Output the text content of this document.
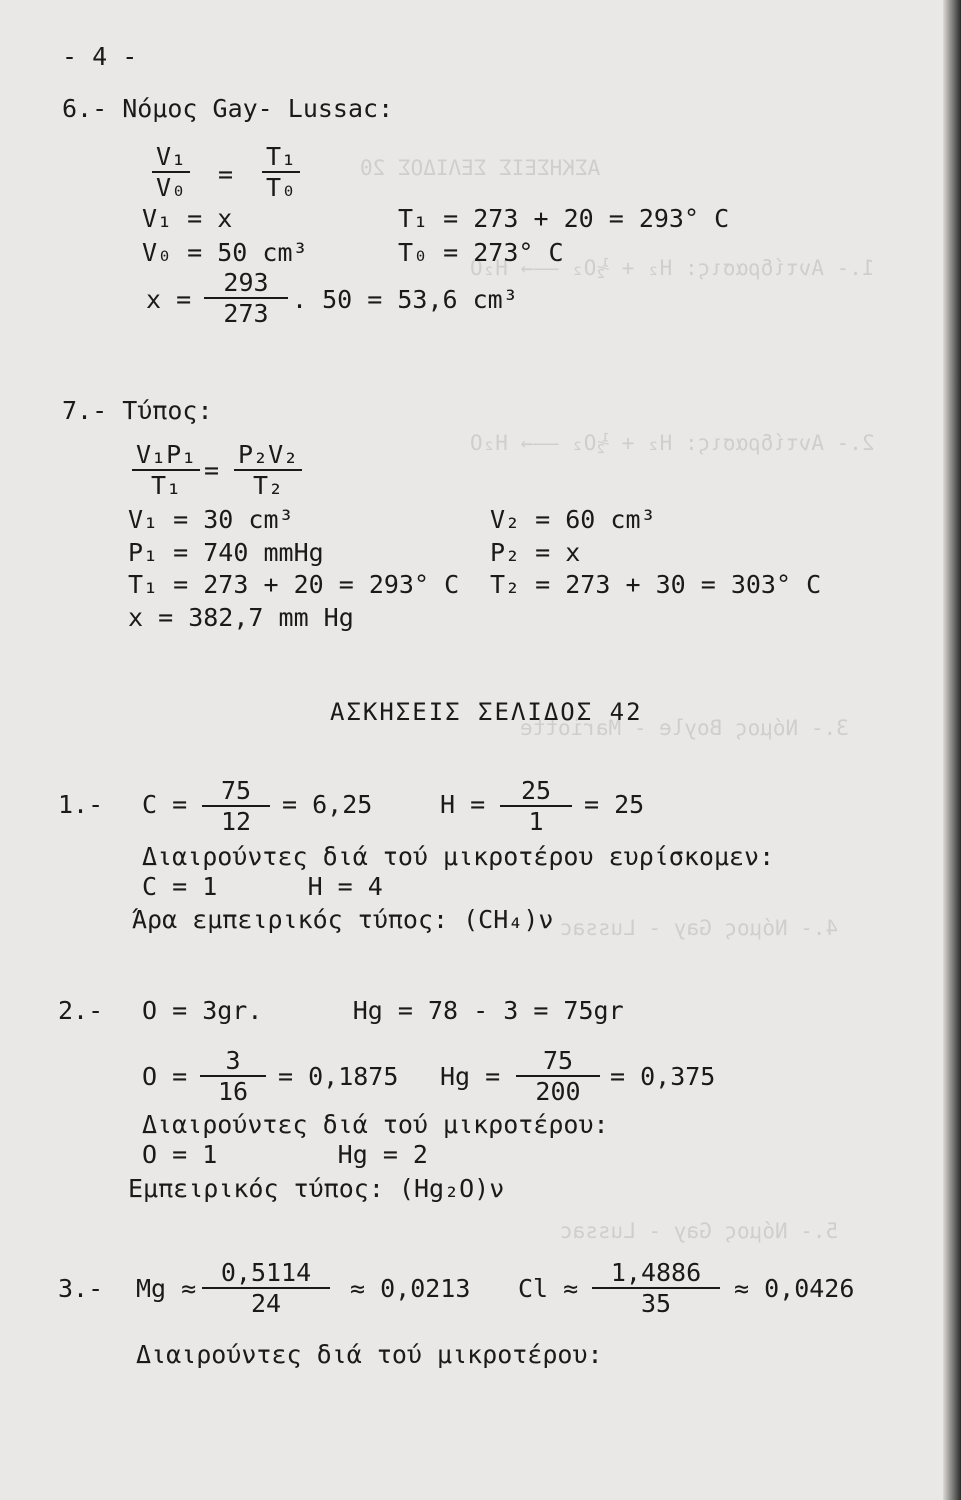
ΑΣΚΗΣΕΙΣ ΣΕΛΙΔΟΣ 20
1.- Αντίδρασις: H₂ + ½O₂ ——→ H₂O
2.- Αντίδρασις: H₂ + ½O₂ ——→ H₂O
3.- Νόμος Boyle - Mariotte
4.- Νόμος Gay - Lussac
5.- Νόμος Gay - Lussac
- 4 -
6.- Νόμος Gay- Lussac:
V₁
V₀ =
T₁
T₀
V₁ = x	T₁ = 273 + 20 = 293° C
V₀ = 50 cm³	T₀ = 273° C
x =
293
273 . 50 = 53,6 cm³
7.- Τύπος:
V₁P₁
T₁
=
P₂V₂
T₂
V₁ = 30 cm³	V₂ = 60 cm³
P₁ = 740 mmHg	P₂ = x
T₁ = 273 + 20 = 293° C T₂ = 273 + 30 = 303° C
x = 382,7 mm Hg
ΑΣΚΗΣΕΙΣ ΣΕΛΙΔΟΣ 42
1.- C = 75
12
= 6,25	H = 25
1
= 25
Διαιρούντες διά τού μικροτέρου ευρίσκομεν:
C = 1      H = 4
Άρα εμπειρικός τύπος: (CH₄)ν
2.- O = 3gr.      Hg = 78 - 3 = 75gr
O =
3
16
= 0,1875 Hg =
75
200
= 0,375
Διαιρούντες διά τού μικροτέρου:
O = 1        Hg = 2
Εμπειρικός τύπος: (Hg₂O)ν
3.- Mg ≈
0,5114
24
≈ 0,0213 Cl ≈
1,4886
35
≈ 0,0426
Διαιρούντες διά τού μικροτέρου:
